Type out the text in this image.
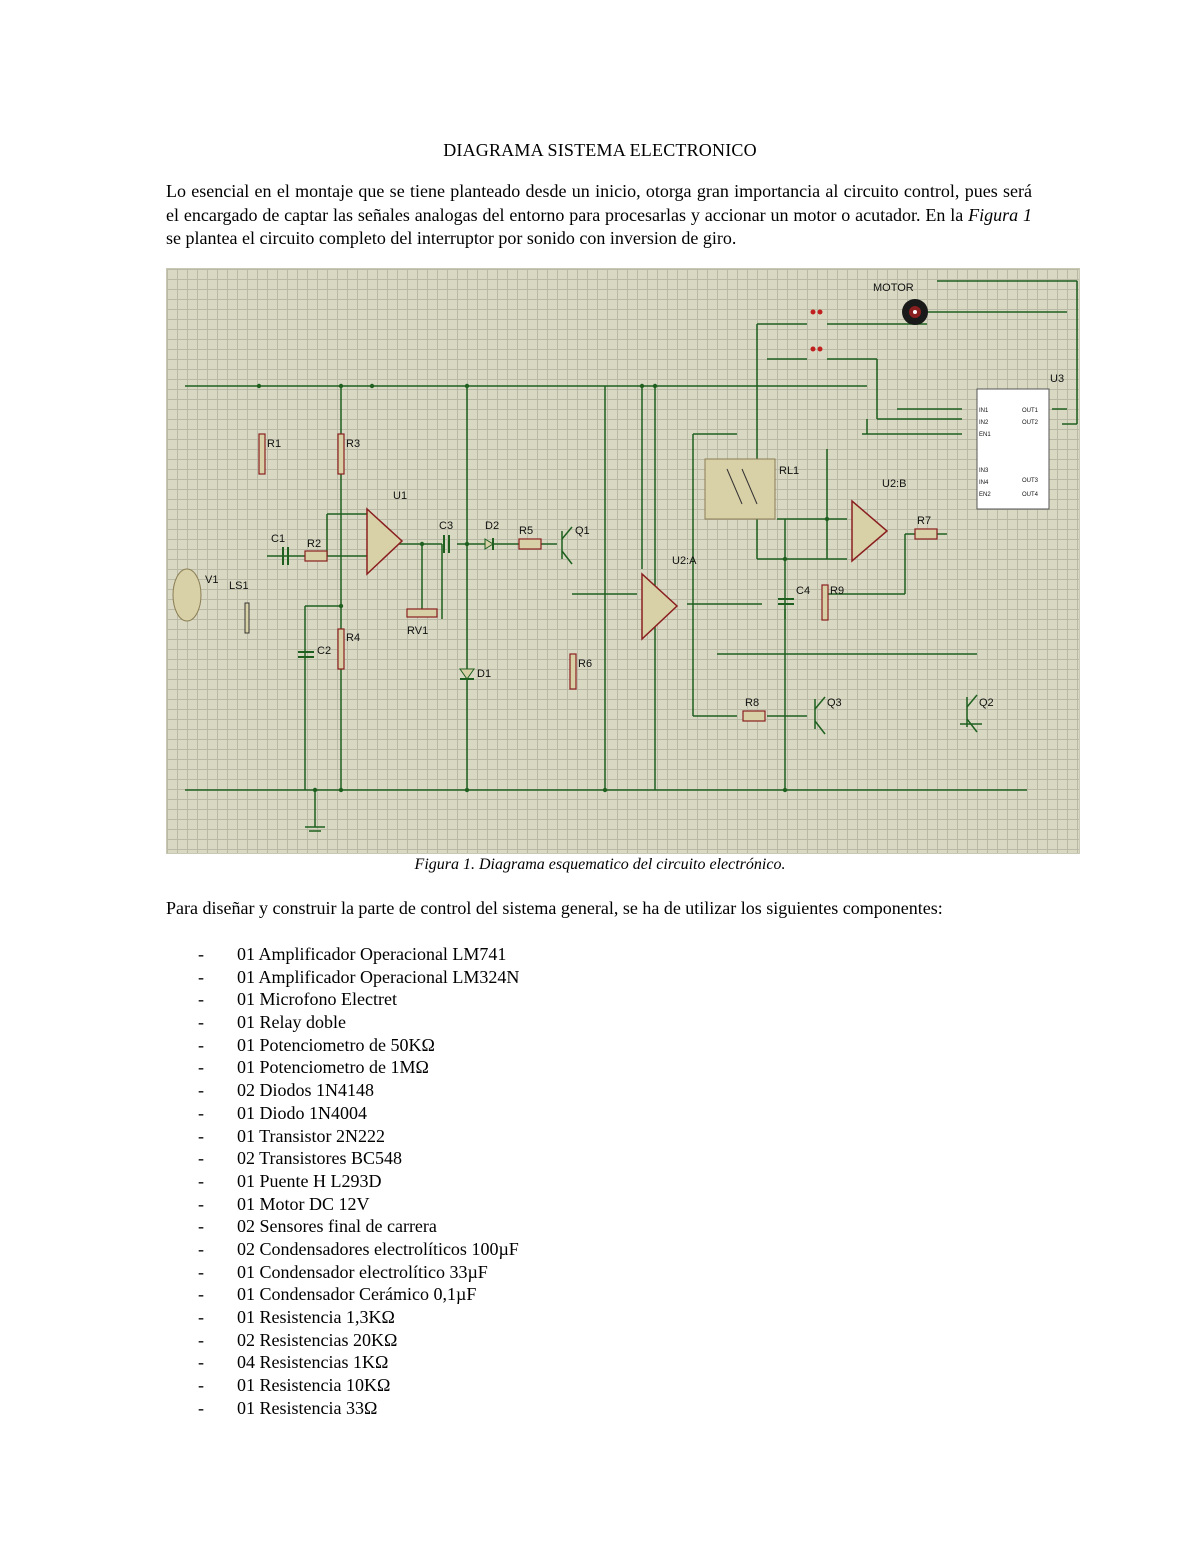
DIAGRAMA SISTEMA ELECTRONICO
Lo esencial en el montaje que se tiene planteado desde un inicio, otorga gran importancia al circuito control, pues será el encargado de captar las señales analogas del entorno para procesarlas y accionar un motor o acutador. En la Figura 1 se plantea el circuito completo del interruptor por sonido con inversion de giro.
MOTOR
U3
IN1
IN2
EN1
IN3
IN4
EN2
OUT1
OUT2
OUT3
OUT4
RL1
U1
U2:A
U2:B
R1	R3
R2
R4
R5
R6
R7
R8
R9
RV1
C1
C3
C2
C4
D2
D1
Q1
Q3	Q2
V1 LS1
Figura 1. Diagrama esquematico del circuito electrónico.
Para diseñar y construir la parte de control del sistema general, se ha de utilizar los siguientes componentes:
- 01 Amplificador Operacional LM741
- 01 Amplificador Operacional LM324N
- 01 Microfono Electret
- 01 Relay doble
- 01 Potenciometro de 50KΩ
- 01 Potenciometro de 1MΩ
- 02 Diodos 1N4148
- 01 Diodo 1N4004
- 01 Transistor 2N222
- 02 Transistores BC548
- 01 Puente H L293D
- 01 Motor DC 12V
- 02 Sensores final de carrera
- 02 Condensadores electrolíticos 100µF
- 01 Condensador electrolítico 33µF
- 01 Condensador Cerámico 0,1µF
- 01 Resistencia 1,3KΩ
- 02 Resistencias 20KΩ
- 04 Resistencias 1KΩ
- 01 Resistencia 10KΩ
- 01 Resistencia 33Ω
